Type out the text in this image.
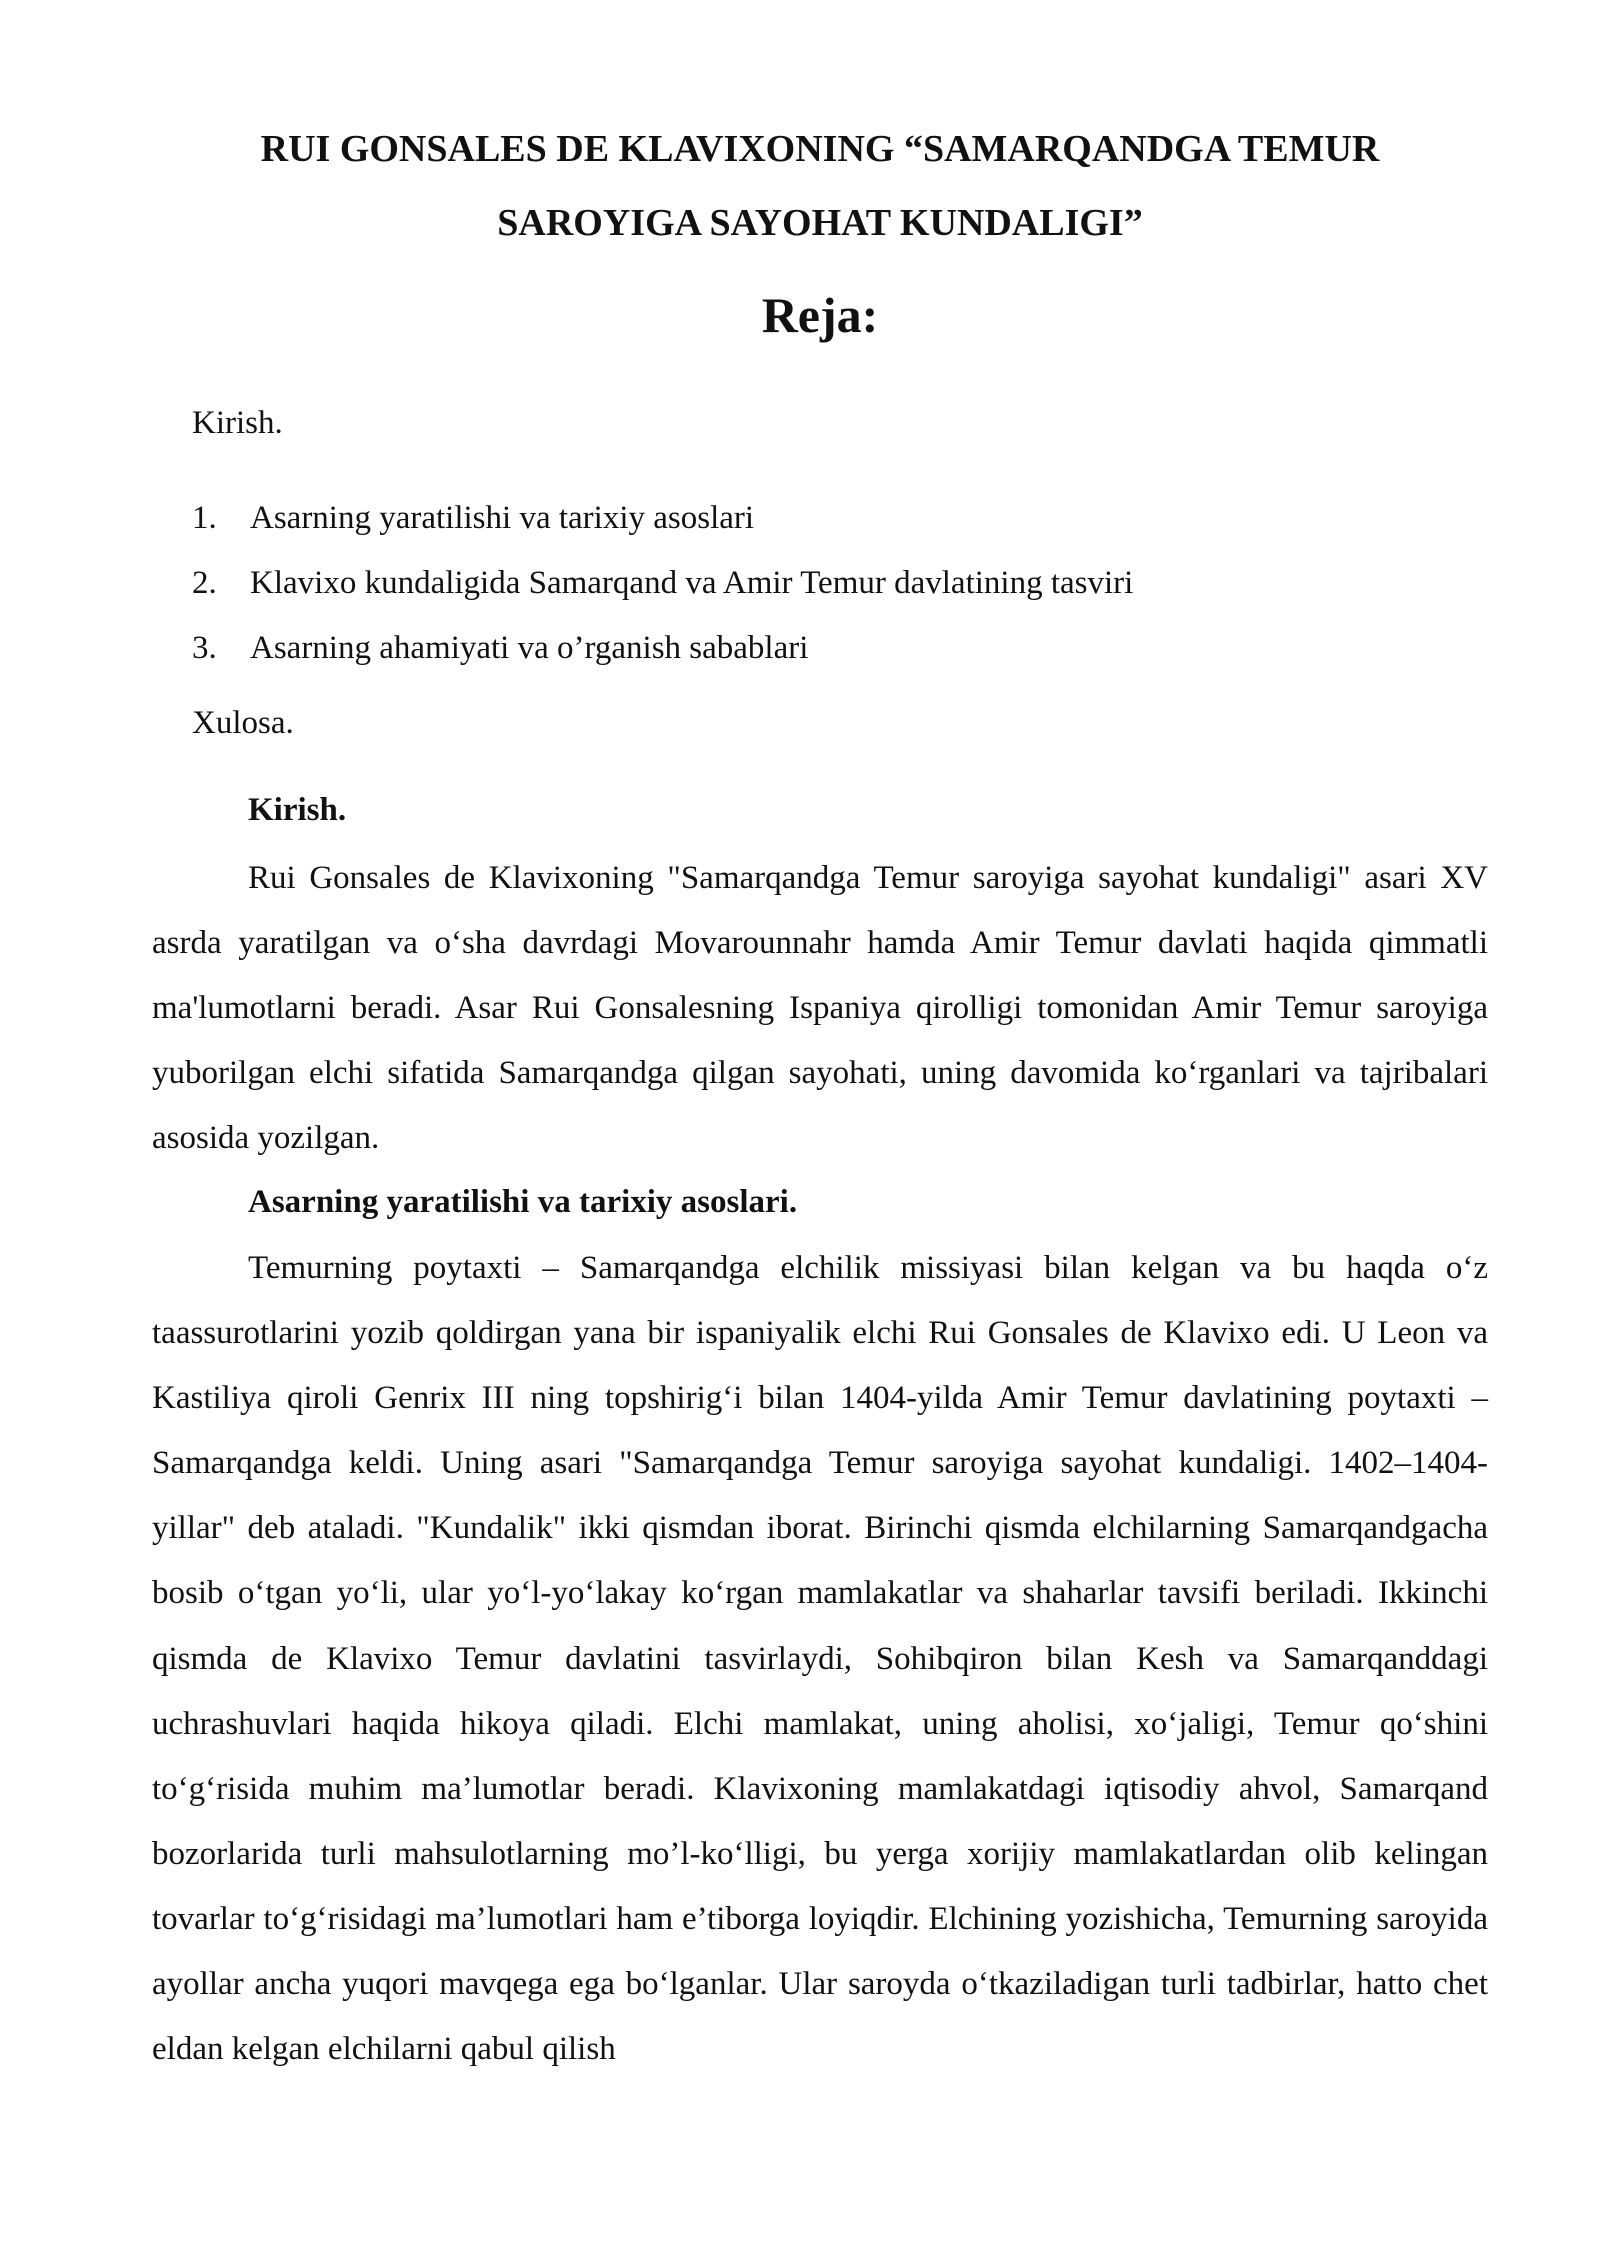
RUI GONSALES DE KLAVIXONING “SAMARQANDGA TEMUR
SAROYIGA SAYOHAT KUNDALIGI”
Reja:
Kirish.
1.	Asarning yaratilishi va tarixiy asoslari
2.	Klavixo kundaligida Samarqand va Amir Temur davlatining tasviri
3.	Asarning ahamiyati va o’rganish sabablari
Xulosa.
Kirish.

Rui Gonsales de Klavixoning "Samarqandga Temur saroyiga sayohat kundaligi" asari XV asrda yaratilgan va o‘sha davrdagi Movarounnahr hamda Amir Temur davlati haqida qimmatli ma'lumotlarni beradi. Asar Rui Gonsalesning Ispaniya qirolligi tomonidan Amir Temur saroyiga yuborilgan elchi sifatida Samarqandga qilgan sayohati, uning davomida ko‘rganlari va tajribalari asosida yozilgan.

Asarning yaratilishi va tarixiy asoslari.

Temurning poytaxti – Samarqandga elchilik missiyasi bilan kelgan va bu haqda o‘z taassurotlarini yozib qoldirgan yana bir ispaniyalik elchi Rui Gonsales de Klavixo edi. U Leon va Kastiliya qiroli Genrix III ning topshirig‘i bilan 1404-yilda Amir Temur davlatining poytaxti – Samarqandga keldi. Uning asari "Samarqandga Temur saroyiga sayohat kundaligi. 1402–1404-yillar" deb ataladi. "Kundalik" ikki qismdan iborat. Birinchi qismda elchilarning Samarqandgacha bosib o‘tgan yo‘li, ular yo‘l-yo‘lakay ko‘rgan mamlakatlar va shaharlar tavsifi beriladi. Ikkinchi qismda de Klavixo Temur davlatini tasvirlaydi, Sohibqiron bilan Kesh va Samarqanddagi uchrashuvlari haqida hikoya qiladi. Elchi mamlakat, uning aholisi, xo‘jaligi, Temur qo‘shini to‘g‘risida muhim ma’lumotlar beradi. Klavixoning mamlakatdagi iqtisodiy ahvol, Samarqand bozorlarida turli mahsulotlarning mo’l-ko‘lligi, bu yerga xorijiy mamlakatlardan olib kelingan tovarlar to‘g‘risidagi ma’lumotlari ham e’tiborga loyiqdir. Elchining yozishicha, Temurning saroyida ayollar ancha yuqori mavqega ega bo‘lganlar. Ular saroyda o‘tkaziladigan turli tadbirlar, hatto chet eldan kelgan elchilarni qabul qilish
